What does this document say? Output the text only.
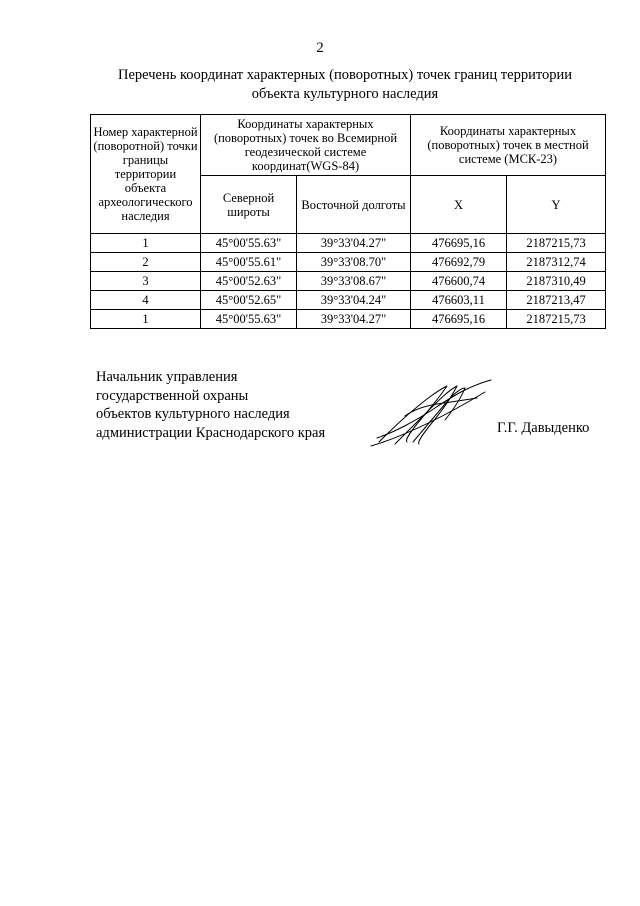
2
Перечень координат характерных (поворотных) точек границ территории
объекта культурного наследия
Номер характерной (поворотной) точки границы территории объекта археологического наследия	Координаты характерных (поворотных) точек во Всемирной геодезической системе координат(WGS-84)		Координаты характерных (поворотных) точек в местной системе (МСК-23)	
	Северной широты	Восточной долготы	X	Y
1	45°00'55.63"	39°33'04.27"	476695,16	2187215,73
2	45°00'55.61"	39°33'08.70"	476692,79	2187312,74
3	45°00'52.63"	39°33'08.67"	476600,74	2187310,49
4	45°00'52.65"	39°33'04.24"	476603,11	2187213,47
1	45°00'55.63"	39°33'04.27"	476695,16	2187215,73
Начальник управления
государственной охраны
объектов культурного наследия
администрации Краснодарского края	Г.Г. Давыденко
